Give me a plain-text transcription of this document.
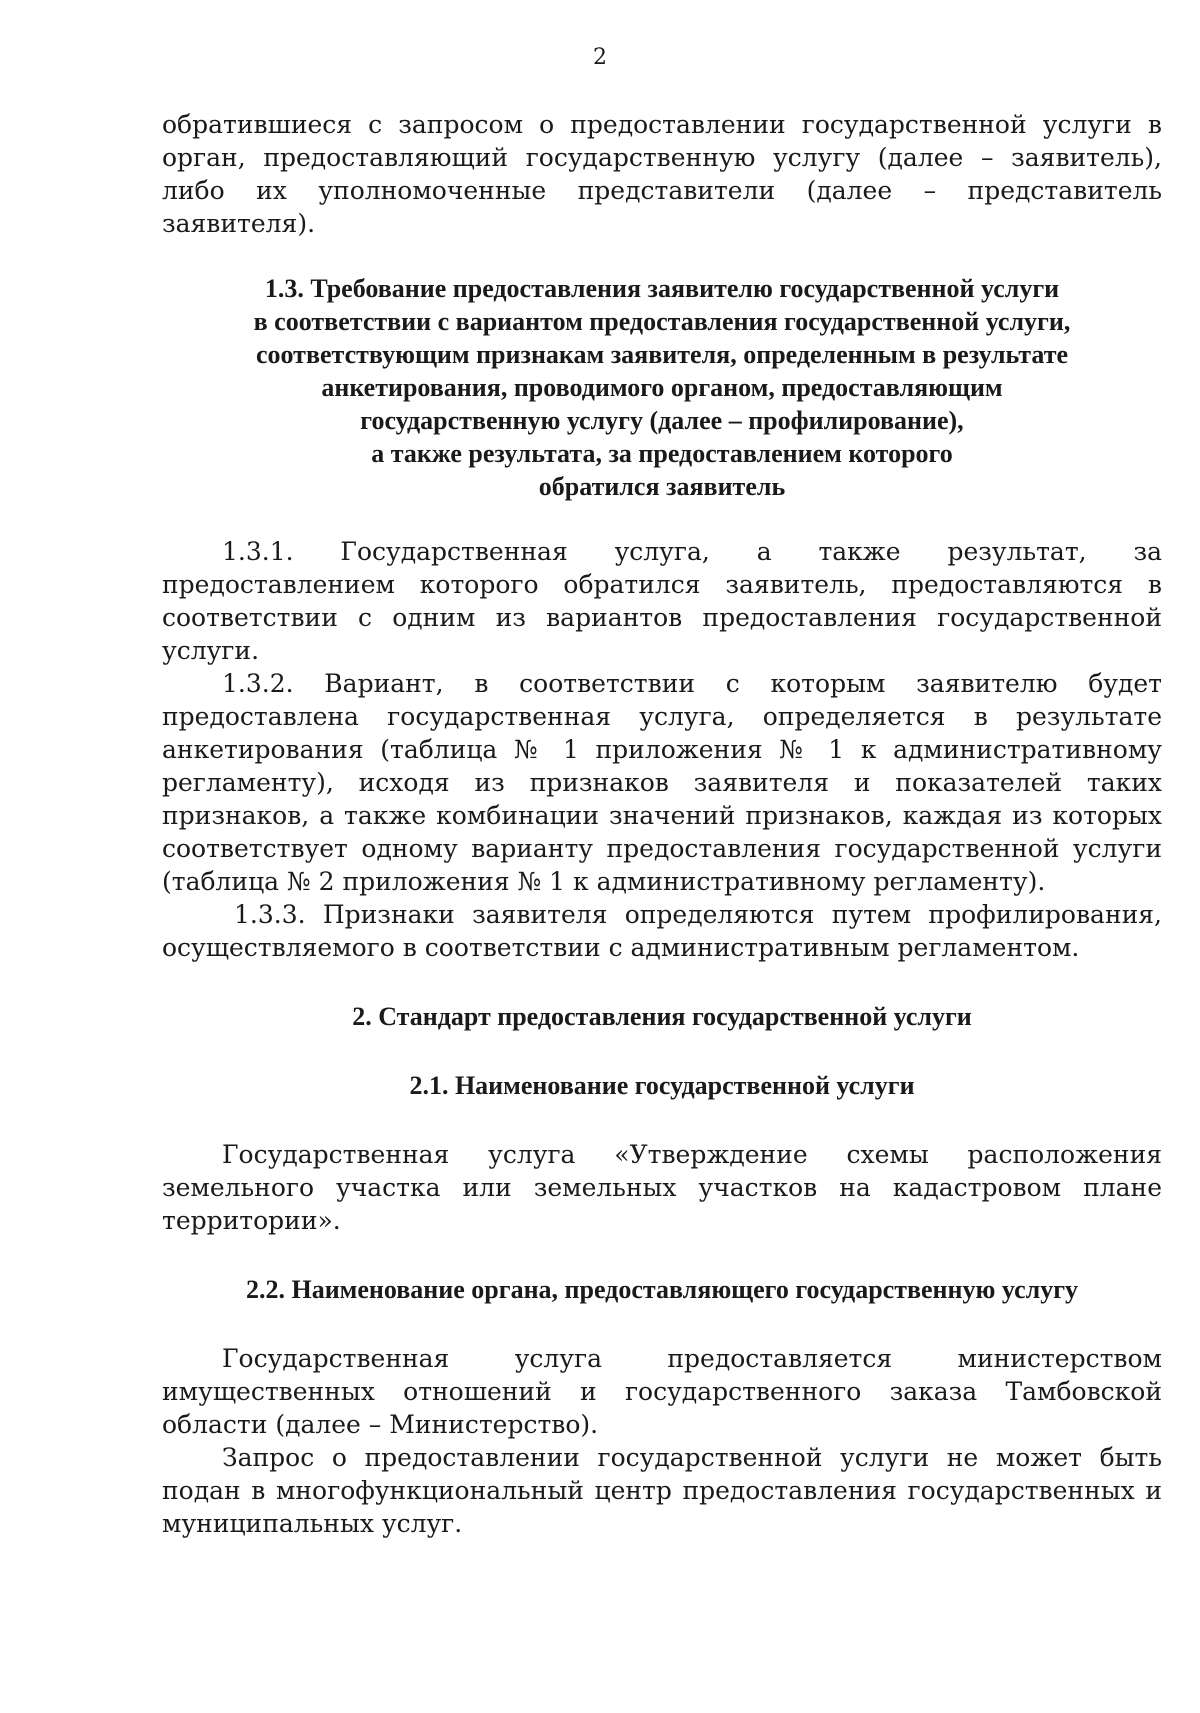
2

обратившиеся с запросом о предоставлении государственной услуги в орган, предоставляющий государственную услугу (далее – заявитель), либо их уполномоченные представители (далее – представитель заявителя).

1.3. Требование предоставления заявителю государственной услуги
в соответствии с вариантом предоставления государственной услуги,
соответствующим признакам заявителя, определенным в результате
анкетирования, проводимого органом, предоставляющим
государственную услугу (далее – профилирование),
а также результата, за предоставлением которого
обратился заявитель

1.3.1. Государственная услуга, а также результат, за предоставлением которого обратился заявитель, предоставляются в соответствии с одним из вариантов предоставления государственной услуги.

1.3.2. Вариант, в соответствии с которым заявителю будет предоставлена государственная услуга, определяется в результате анкетирования (таблица № 1 приложения № 1 к административному регламенту), исходя из признаков заявителя и показателей таких признаков, а также комбинации значений признаков, каждая из которых соответствует одному варианту предоставления государственной услуги (таблица № 2 приложения № 1 к административному регламенту).

1.3.3. Признаки заявителя определяются путем профилирования, осуществляемого в соответствии с административным регламентом.

2. Стандарт предоставления государственной услуги
2.1. Наименование государственной услуги

Государственная услуга «Утверждение схемы расположения земельного участка или земельных участков на кадастровом плане территории».

2.2. Наименование органа, предоставляющего государственную услугу

Государственная услуга предоставляется министерством имущественных отношений и государственного заказа Тамбовской области (далее – Министерство).

Запрос о предоставлении государственной услуги не может быть подан в многофункциональный центр предоставления государственных и муниципальных услуг.
